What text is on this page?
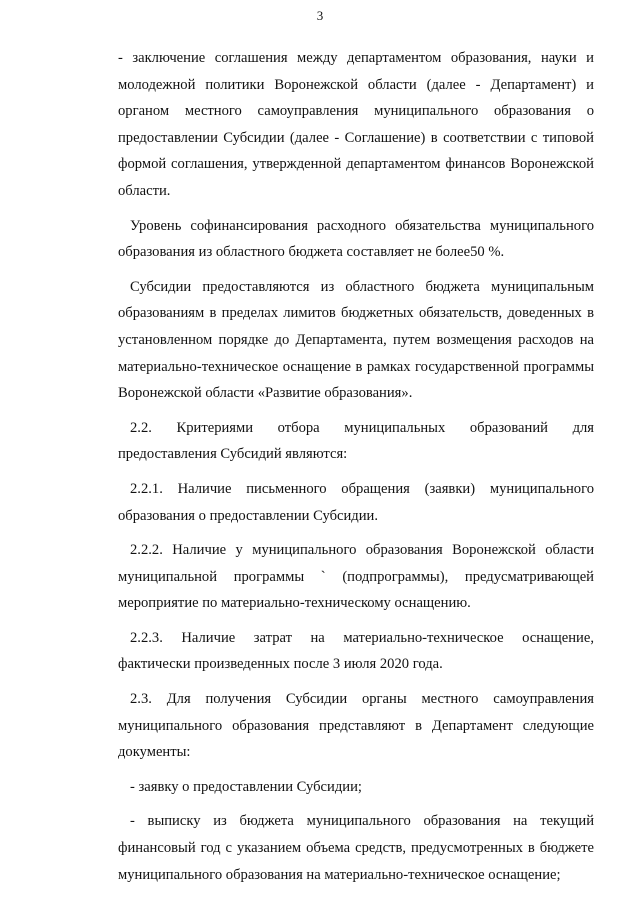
3

- заключение соглашения между департаментом образования, науки и
молодежной политики Воронежской области (далее - Департамент) и
органом местного самоуправления муниципального образования о
предоставлении Субсидии (далее - Соглашение) в соответствии с типовой
формой соглашения, утвержденной департаментом финансов Воронежской
области.

Уровень софинансирования расходного обязательства муниципального
образования из областного бюджета составляет не более50 %.

Субсидии предоставляются из областного бюджета муниципальным
образованиям в пределах лимитов бюджетных обязательств, доведенных в
установленном порядке до Департамента, путем возмещения расходов на
материально-техническое оснащение в рамках государственной программы
Воронежской области «Развитие образования».

2.2. Критериями отбора муниципальных образований для
предоставления Субсидий являются:

2.2.1. Наличие письменного обращения (заявки) муниципального
образования о предоставлении Субсидии.

2.2.2. Наличие у муниципального образования Воронежской области
муниципальной программы ` (подпрограммы), предусматривающей
мероприятие по материально-техническому оснащению.

2.2.3. Наличие затрат на материально-техническое оснащение,
фактически произведенных после 3 июля 2020 года.

2.3. Для получения Субсидии органы местного самоуправления
муниципального образования представляют в Департамент следующие
документы:

- заявку о предоставлении Субсидии;

- выписку из бюджета муниципального образования на текущий
финансовый год с указанием объема средств, предусмотренных в бюджете
муниципального образования на материально-техническое оснащение;
